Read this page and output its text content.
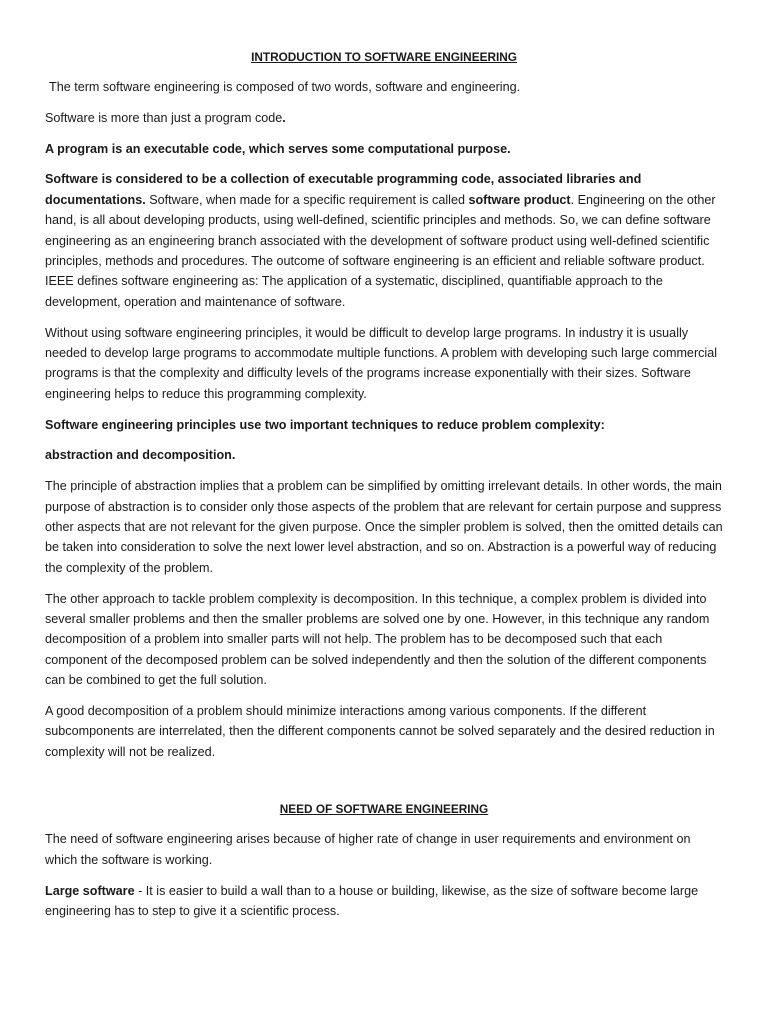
INTRODUCTION TO SOFTWARE ENGINEERING

The term software engineering is composed of two words, software and engineering.

Software is more than just a program code.

A program is an executable code, which serves some computational purpose.

Software is considered to be a collection of executable programming code, associated libraries and documentations. Software, when made for a specific requirement is called software product. Engineering on the other hand, is all about developing products, using well-defined, scientific principles and methods. So, we can define software engineering as an engineering branch associated with the development of software product using well-defined scientific principles, methods and procedures. The outcome of software engineering is an efficient and reliable software product. IEEE defines software engineering as: The application of a systematic, disciplined, quantifiable approach to the development, operation and maintenance of software.

Without using software engineering principles, it would be difficult to develop large programs. In industry it is usually needed to develop large programs to accommodate multiple functions. A problem with developing such large commercial programs is that the complexity and difficulty levels of the programs increase exponentially with their sizes. Software engineering helps to reduce this programming complexity.

Software engineering principles use two important techniques to reduce problem complexity:

abstraction and decomposition.

The principle of abstraction implies that a problem can be simplified by omitting irrelevant details. In other words, the main purpose of abstraction is to consider only those aspects of the problem that are relevant for certain purpose and suppress other aspects that are not relevant for the given purpose. Once the simpler problem is solved, then the omitted details can be taken into consideration to solve the next lower level abstraction, and so on. Abstraction is a powerful way of reducing the complexity of the problem.

The other approach to tackle problem complexity is decomposition. In this technique, a complex problem is divided into several smaller problems and then the smaller problems are solved one by one. However, in this technique any random decomposition of a problem into smaller parts will not help. The problem has to be decomposed such that each component of the decomposed problem can be solved independently and then the solution of the different components can be combined to get the full solution.

A good decomposition of a problem should minimize interactions among various components. If the different subcomponents are interrelated, then the different components cannot be solved separately and the desired reduction in complexity will not be realized.

NEED OF SOFTWARE ENGINEERING

The need of software engineering arises because of higher rate of change in user requirements and environment on which the software is working.

Large software - It is easier to build a wall than to a house or building, likewise, as the size of software become large engineering has to step to give it a scientific process.
